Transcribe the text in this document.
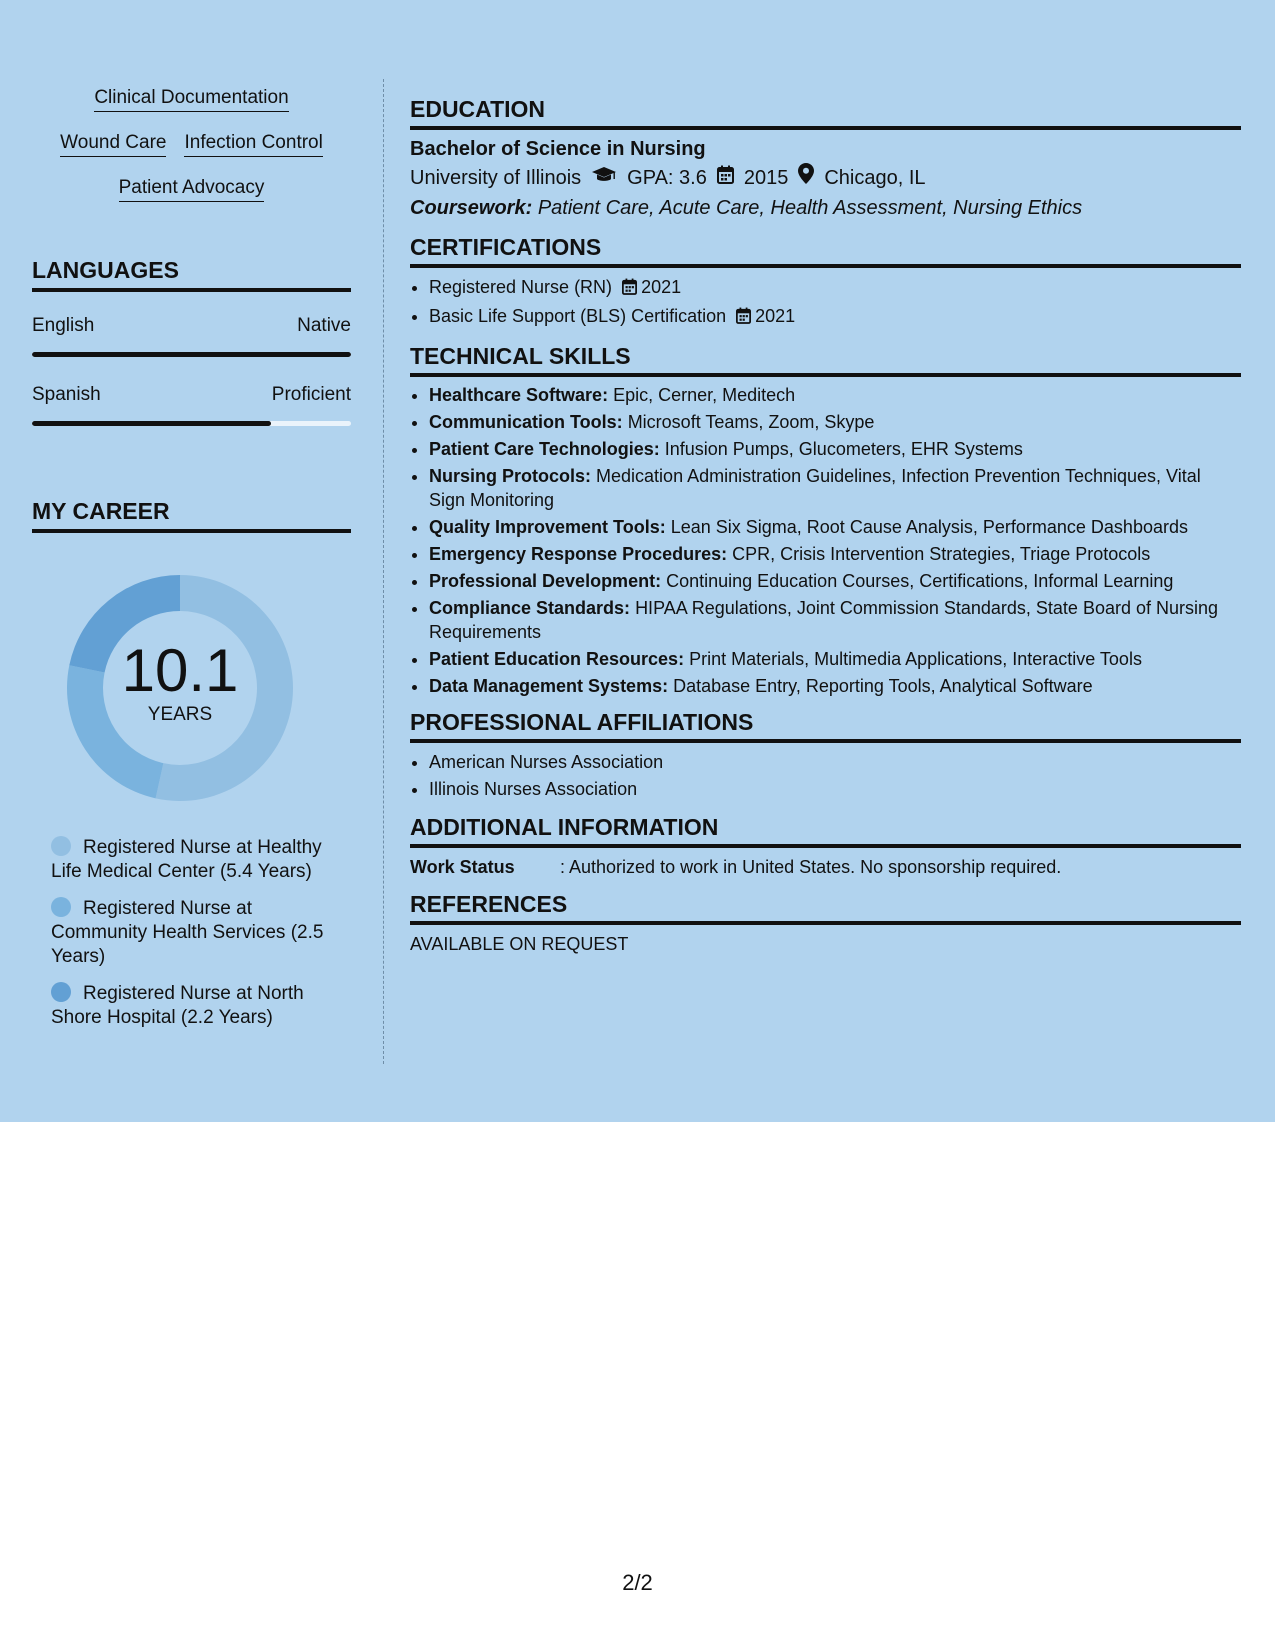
Clinical Documentation
Wound Care Infection Control
Patient Advocacy
LANGUAGES
English	Native
Spanish	Proficient
MY CAREER
10.1
YEARS
Registered Nurse at Healthy Life Medical Center (5.4 Years)
Registered Nurse at Community Health Services (2.5 Years)
Registered Nurse at North Shore Hospital (2.2 Years)
EDUCATION
Bachelor of Science in Nursing
University of Illinois GPA: 3.6 2015 Chicago, IL
Coursework: Patient Care, Acute Care, Health Assessment, Nursing Ethics
CERTIFICATIONS
• Registered Nurse (RN) 2021
• Basic Life Support (BLS) Certification 2021
TECHNICAL SKILLS
• Healthcare Software: Epic, Cerner, Meditech
• Communication Tools: Microsoft Teams, Zoom, Skype
• Patient Care Technologies: Infusion Pumps, Glucometers, EHR Systems
• Nursing Protocols: Medication Administration Guidelines, Infection Prevention Techniques, Vital Sign Monitoring
• Quality Improvement Tools: Lean Six Sigma, Root Cause Analysis, Performance Dashboards
• Emergency Response Procedures: CPR, Crisis Intervention Strategies, Triage Protocols
• Professional Development: Continuing Education Courses, Certifications, Informal Learning
• Compliance Standards: HIPAA Regulations, Joint Commission Standards, State Board of Nursing Requirements
• Patient Education Resources: Print Materials, Multimedia Applications, Interactive Tools
• Data Management Systems: Database Entry, Reporting Tools, Analytical Software
PROFESSIONAL AFFILIATIONS
• American Nurses Association
• Illinois Nurses Association
ADDITIONAL INFORMATION
Work Status	: Authorized to work in United States. No sponsorship required.
REFERENCES
AVAILABLE ON REQUEST
2/2
